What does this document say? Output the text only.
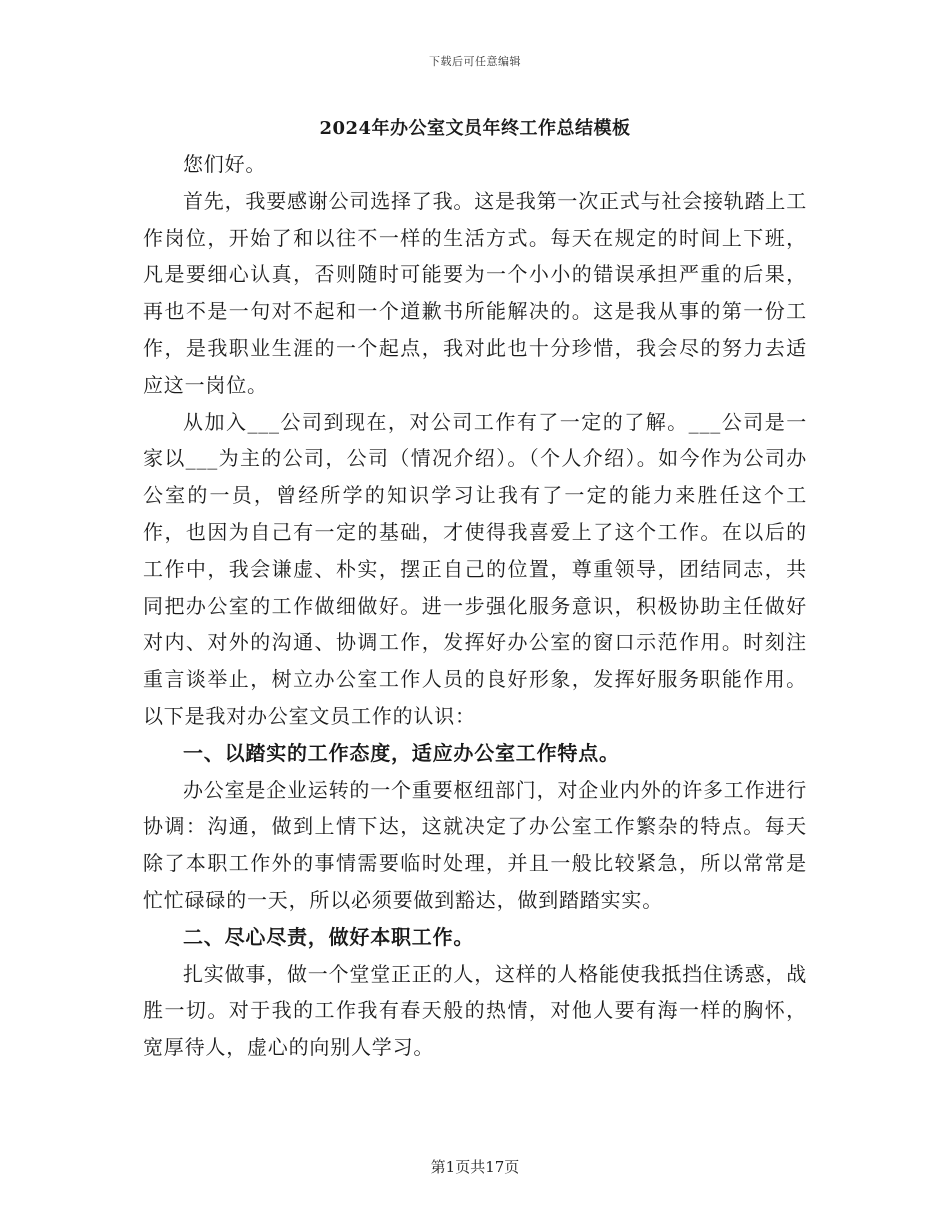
下载后可任意编辑
2024年办公室文员年终工作总结模板

您们好。

首先，我要感谢公司选择了我。这是我第一次正式与社会接轨踏上工作岗位，开始了和以往不一样的生活方式。每天在规定的时间上下班，凡是要细心认真，否则随时可能要为一个小小的错误承担严重的后果，再也不是一句对不起和一个道歉书所能解决的。这是我从事的第一份工作，是我职业生涯的一个起点，我对此也十分珍惜，我会尽的努力去适应这一岗位。

从加入___公司到现在，对公司工作有了一定的了解。___公司是一家以___为主的公司，公司（情况介绍）。（个人介绍）。如今作为公司办公室的一员，曾经所学的知识学习让我有了一定的能力来胜任这个工作，也因为自己有一定的基础，才使得我喜爱上了这个工作。在以后的工作中，我会谦虚、朴实，摆正自己的位置，尊重领导，团结同志，共同把办公室的工作做细做好。进一步强化服务意识，积极协助主任做好对内、对外的沟通、协调工作，发挥好办公室的窗口示范作用。时刻注重言谈举止，树立办公室工作人员的良好形象，发挥好服务职能作用。以下是我对办公室文员工作的认识：

一、以踏实的工作态度，适应办公室工作特点。

办公室是企业运转的一个重要枢纽部门，对企业内外的许多工作进行协调：沟通，做到上情下达，这就决定了办公室工作繁杂的特点。每天除了本职工作外的事情需要临时处理，并且一般比较紧急，所以常常是忙忙碌碌的一天，所以必须要做到豁达，做到踏踏实实。

二、尽心尽责，做好本职工作。

扎实做事，做一个堂堂正正的人，这样的人格能使我抵挡住诱惑，战胜一切。对于我的工作我有春天般的热情，对他人要有海一样的胸怀，宽厚待人，虚心的向别人学习。

第1页共17页
